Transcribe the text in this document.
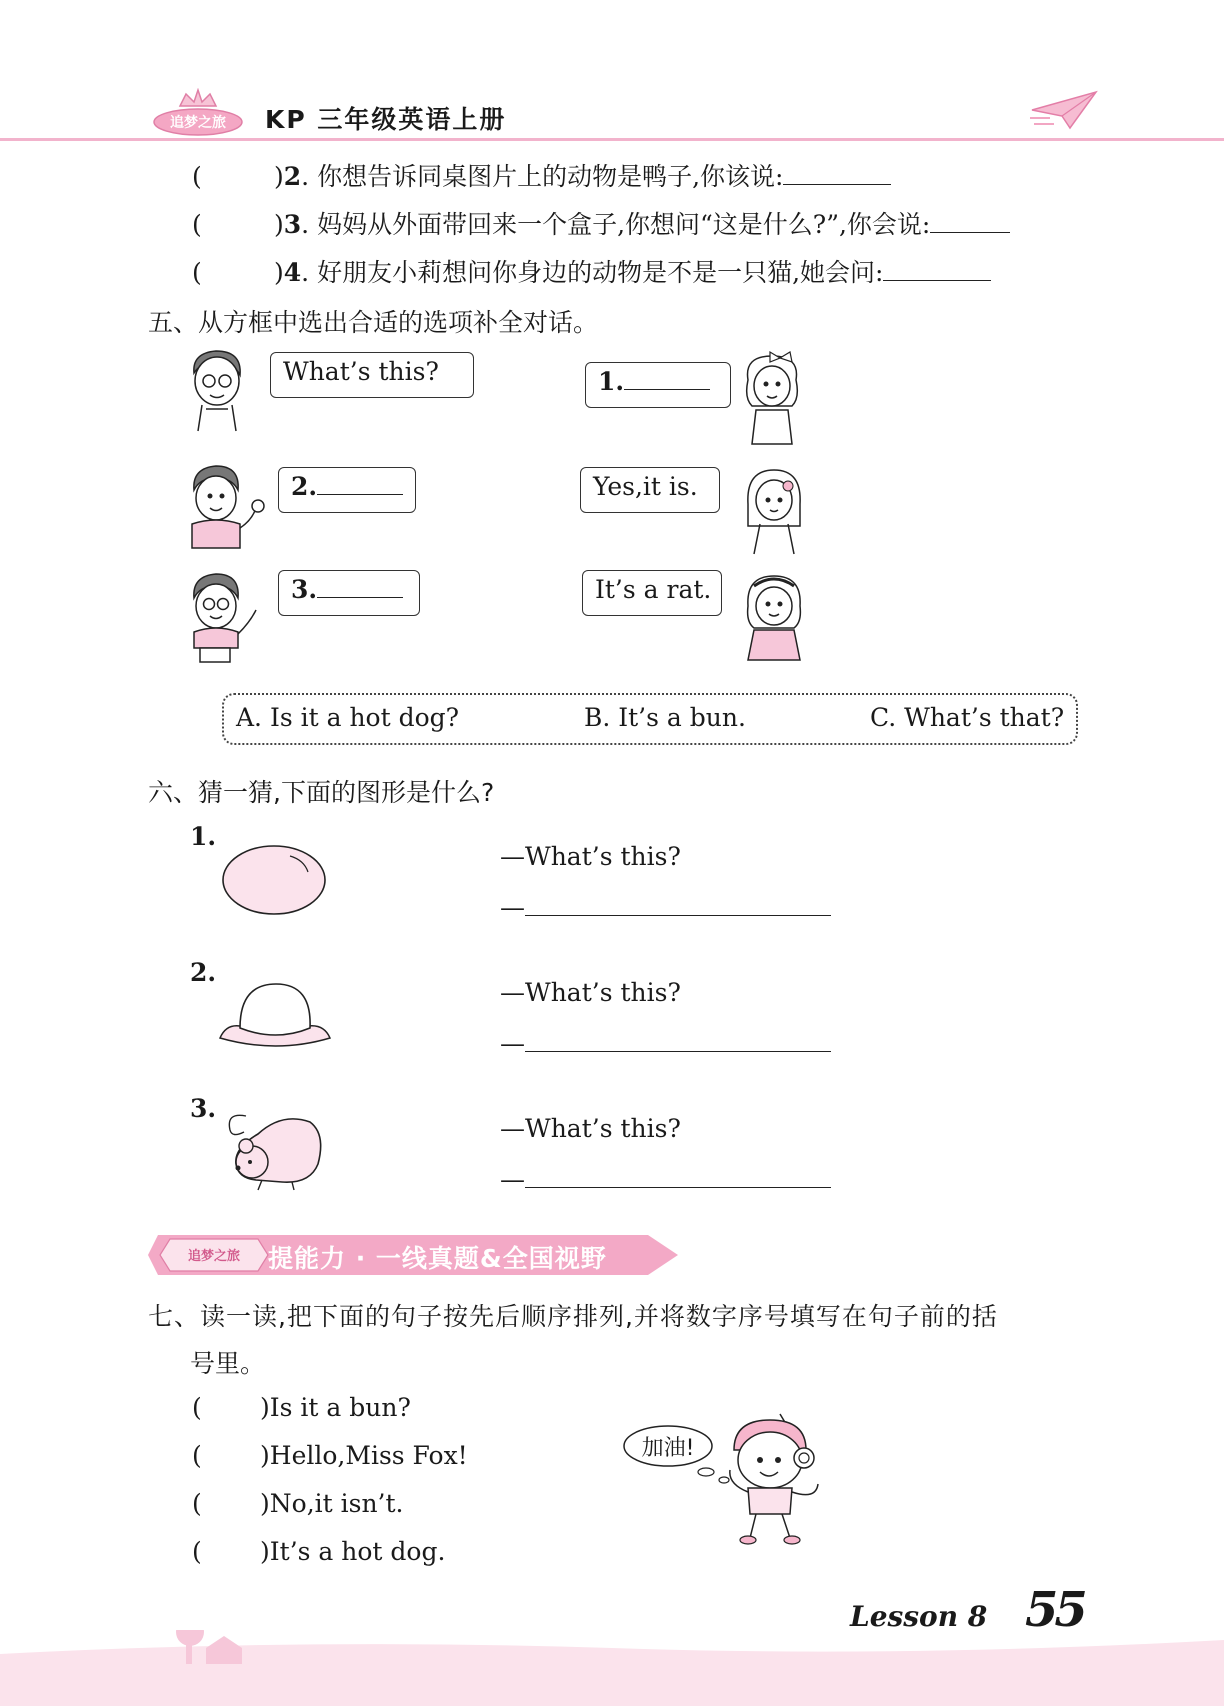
追梦之旅 KP 三年级英语上册
(	)2. 你想告诉同桌图片上的动物是鸭子,你该说:
(	)3. 妈妈从外面带回来一个盒子,你想问“这是什么?”,你会说:
(	)4. 好朋友小莉想问你身边的动物是不是一只猫,她会问:
五、从方框中选出合适的选项补全对话。
What’s this?	1.
2.	Yes,it is.
3.	It’s a rat.
A. Is it a hot dog?	B. It’s a bun.	C. What’s that?
六、猜一猜,下面的图形是什么?
1.
—What’s this?
—
2.
—What’s this?
—
3.
—What’s this?
—
追梦之旅 提能力 · 一线真题&全国视野
七、读一读,把下面的句子按先后顺序排列,并将数字序号填写在句子前的括
号里。
( )Is it a bun?
( )Hello,Miss Fox!
( )No,it isn’t.
( )It’s a hot dog.
加油!
Lesson 8 55
